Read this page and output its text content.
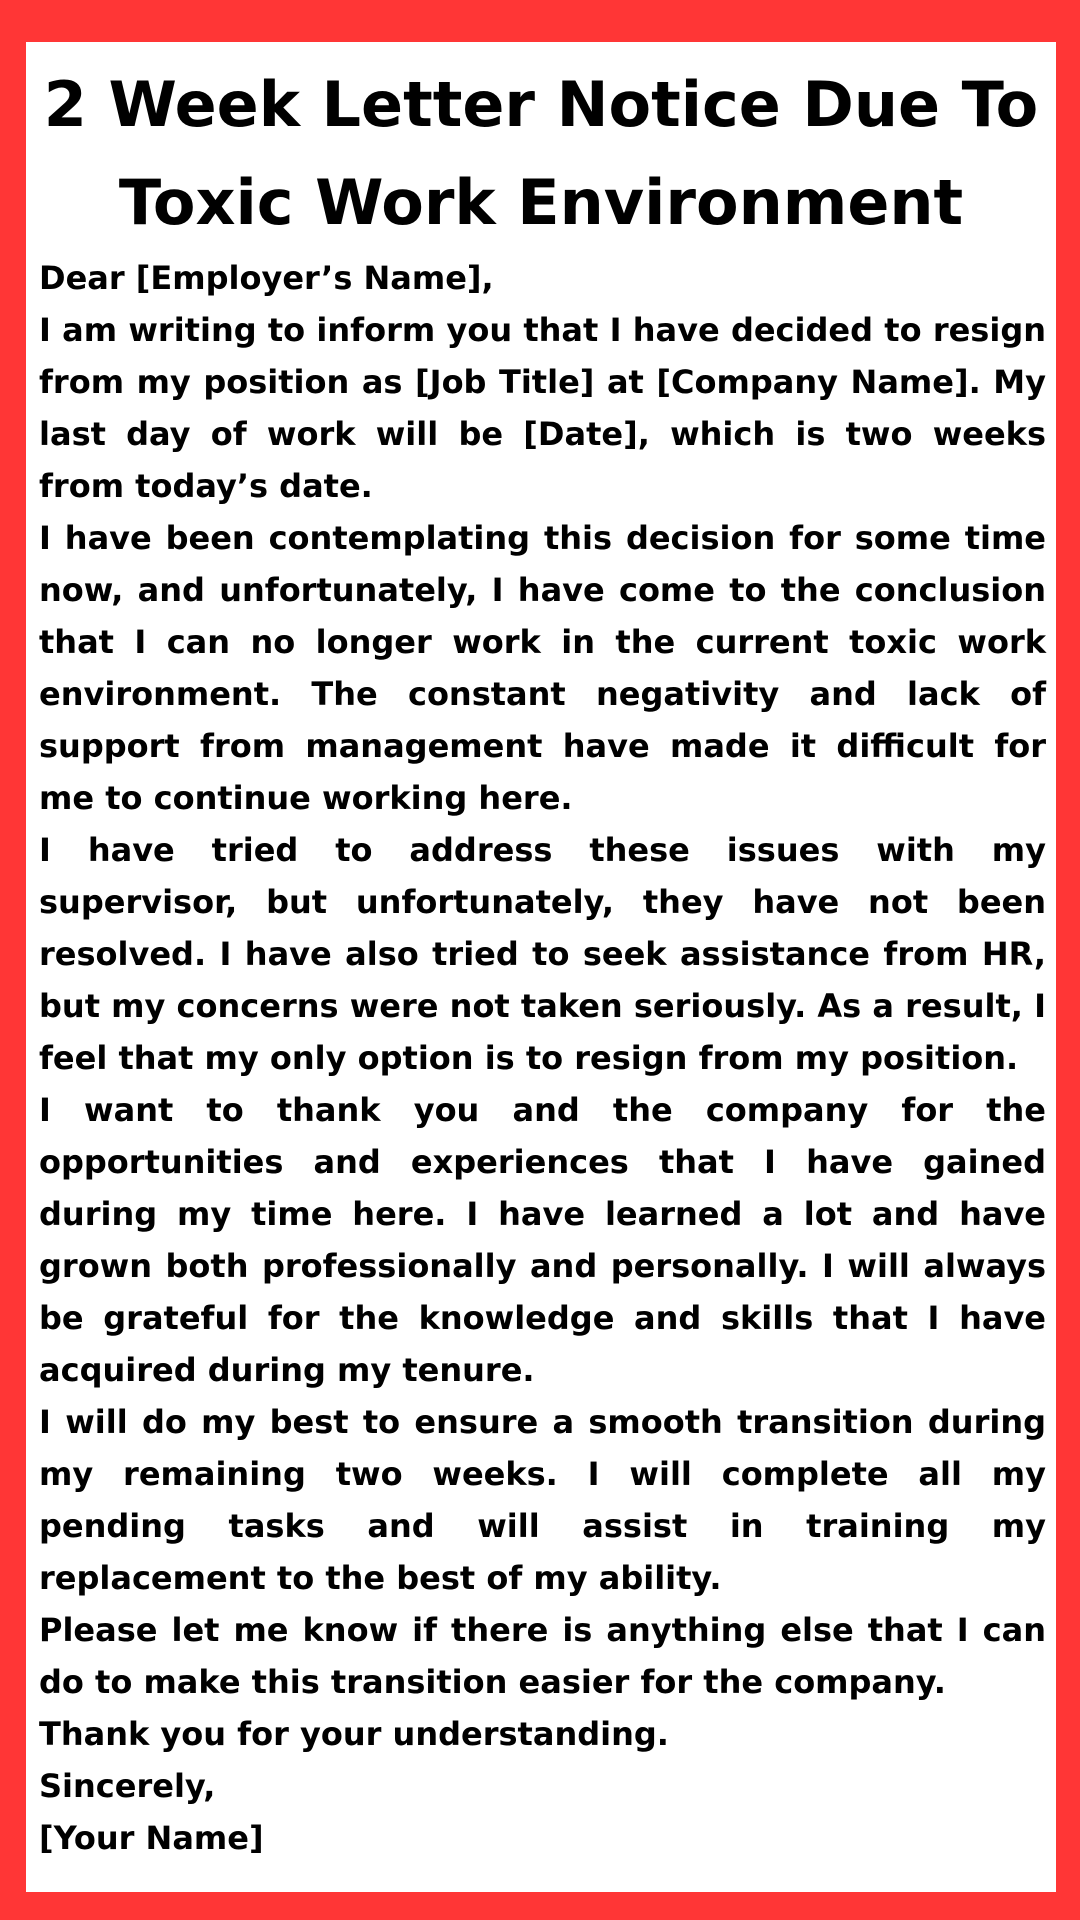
2 Week Letter Notice Due To
Toxic Work Environment

Dear [Employer’s Name],

I am writing to inform you that I have decided to resign from my position as [Job Title] at [Company Name]. My last day of work will be [Date], which is two weeks from today’s date.

I have been contemplating this decision for some time now, and unfortunately, I have come to the conclusion that I can no longer work in the current toxic work environment. The constant negativity and lack of support from management have made it difficult for me to continue working here.

I have tried to address these issues with my supervisor, but unfortunately, they have not been resolved. I have also tried to seek assistance from HR, but my concerns were not taken seriously. As a result, I feel that my only option is to resign from my position.

I want to thank you and the company for the opportunities and experiences that I have gained during my time here. I have learned a lot and have grown both professionally and personally. I will always be grateful for the knowledge and skills that I have acquired during my tenure.

I will do my best to ensure a smooth transition during my remaining two weeks. I will complete all my pending tasks and will assist in training my replacement to the best of my ability.

Please let me know if there is anything else that I can do to make this transition easier for the company.

Thank you for your understanding.

Sincerely,

[Your Name]
